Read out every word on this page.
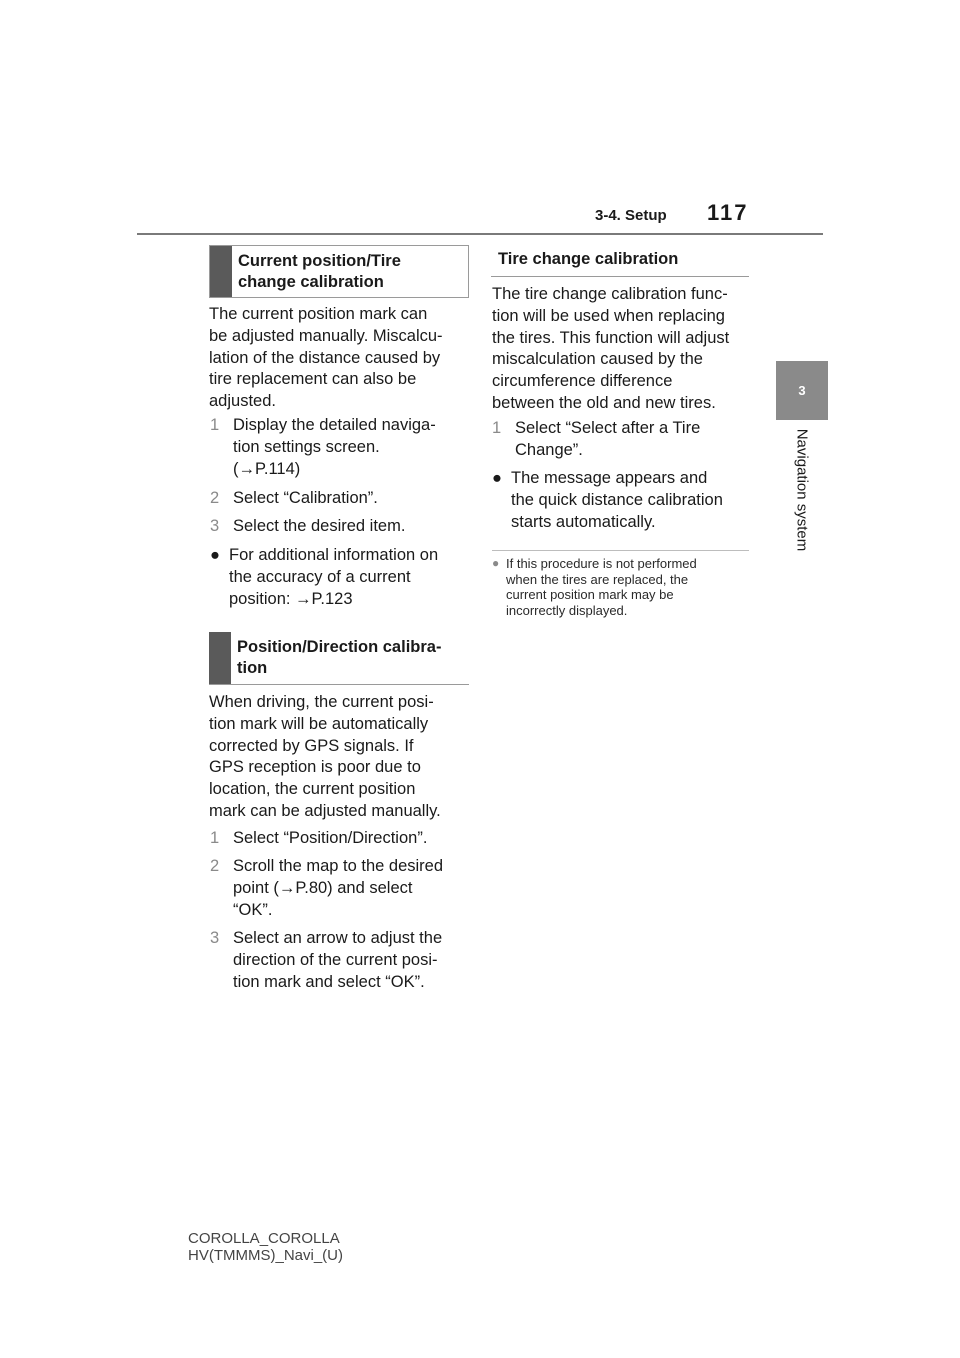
3-4. Setup 117
3
Navigation system
Current position/Tire
change calibration
The current position mark can
be adjusted manually. Miscalcu-
lation of the distance caused by
tire replacement can also be
adjusted.
1 Display the detailed naviga-
tion settings screen.
(→P.114)
2 Select “Calibration”.
3 Select the desired item.
● For additional information on
the accuracy of a current
position: →P.123
Position/Direction calibra-
tion
When driving, the current posi-
tion mark will be automatically
corrected by GPS signals. If
GPS reception is poor due to
location, the current position
mark can be adjusted manually.
1 Select “Position/Direction”.
2 Scroll the map to the desired
point (→P.80) and select
“OK”.
3 Select an arrow to adjust the
direction of the current posi-
tion mark and select “OK”.
Tire change calibration
The tire change calibration func-
tion will be used when replacing
the tires. This function will adjust
miscalculation caused by the
circumference difference
between the old and new tires.
1 Select “Select after a Tire
Change”.
● The message appears and
the quick distance calibration
starts automatically.
● If this procedure is not performed
when the tires are replaced, the
current position mark may be
incorrectly displayed.
COROLLA_COROLLA
HV(TMMMS)_Navi_(U)
